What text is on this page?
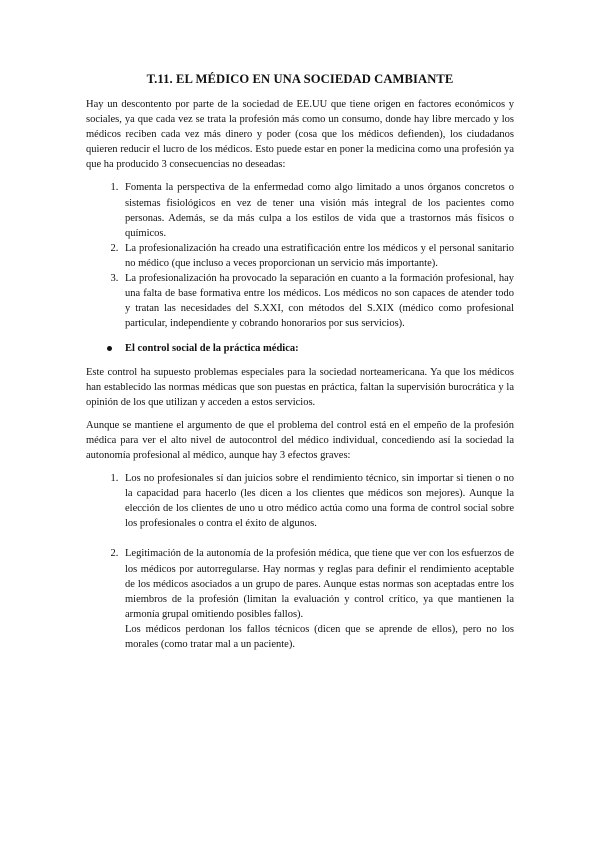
T.11. EL MÉDICO EN UNA SOCIEDAD CAMBIANTE

Hay un descontento por parte de la sociedad de EE.UU que tiene origen en factores económicos y sociales, ya que cada vez se trata la profesión más como un consumo, donde hay libre mercado y los médicos reciben cada vez más dinero y poder (cosa que los médicos defienden), los ciudadanos quieren reducir el lucro de los médicos. Esto puede estar en poner la medicina como una profesión ya que ha producido 3 consecuencias no deseadas:

1. Fomenta la perspectiva de la enfermedad como algo limitado a unos órganos concretos o sistemas fisiológicos en vez de tener una visión más integral de los pacientes como personas. Además, se da más culpa a los estilos de vida que a trastornos más físicos o químicos.
2. La profesionalización ha creado una estratificación entre los médicos y el personal sanitario no médico (que incluso a veces proporcionan un servicio más importante).
3. La profesionalización ha provocado la separación en cuanto a la formación profesional, hay una falta de base formativa entre los médicos. Los médicos no son capaces de atender todo y tratan las necesidades del S.XXI, con métodos del S.XIX (médico como profesional particular, independiente y cobrando honorarios por sus servicios).
El control social de la práctica médica:

Este control ha supuesto problemas especiales para la sociedad norteamericana. Ya que los médicos han establecido las normas médicas que son puestas en práctica, faltan la supervisión burocrática y la opinión de los que utilizan y acceden a estos servicios.

Aunque se mantiene el argumento de que el problema del control está en el empeño de la profesión médica para ver el alto nivel de autocontrol del médico individual, concediendo así la sociedad la autonomía profesional al médico, aunque hay 3 efectos graves:

1. Los no profesionales sí dan juicios sobre el rendimiento técnico, sin importar si tienen o no la capacidad para hacerlo (les dicen a los clientes que médicos son mejores). Aunque la elección de los clientes de uno u otro médico actúa como una forma de control social sobre los profesionales o contra el éxito de algunos.
2. Legitimación de la autonomía de la profesión médica, que tiene que ver con los esfuerzos de los médicos por autorregularse. Hay normas y reglas para definir el rendimiento aceptable de los médicos asociados a un grupo de pares. Aunque estas normas son aceptadas entre los miembros de la profesión (limitan la evaluación y control crítico, ya que mantienen la armonía grupal omitiendo posibles fallos).
Los médicos perdonan los fallos técnicos (dicen que se aprende de ellos), pero no los morales (como tratar mal a un paciente).
